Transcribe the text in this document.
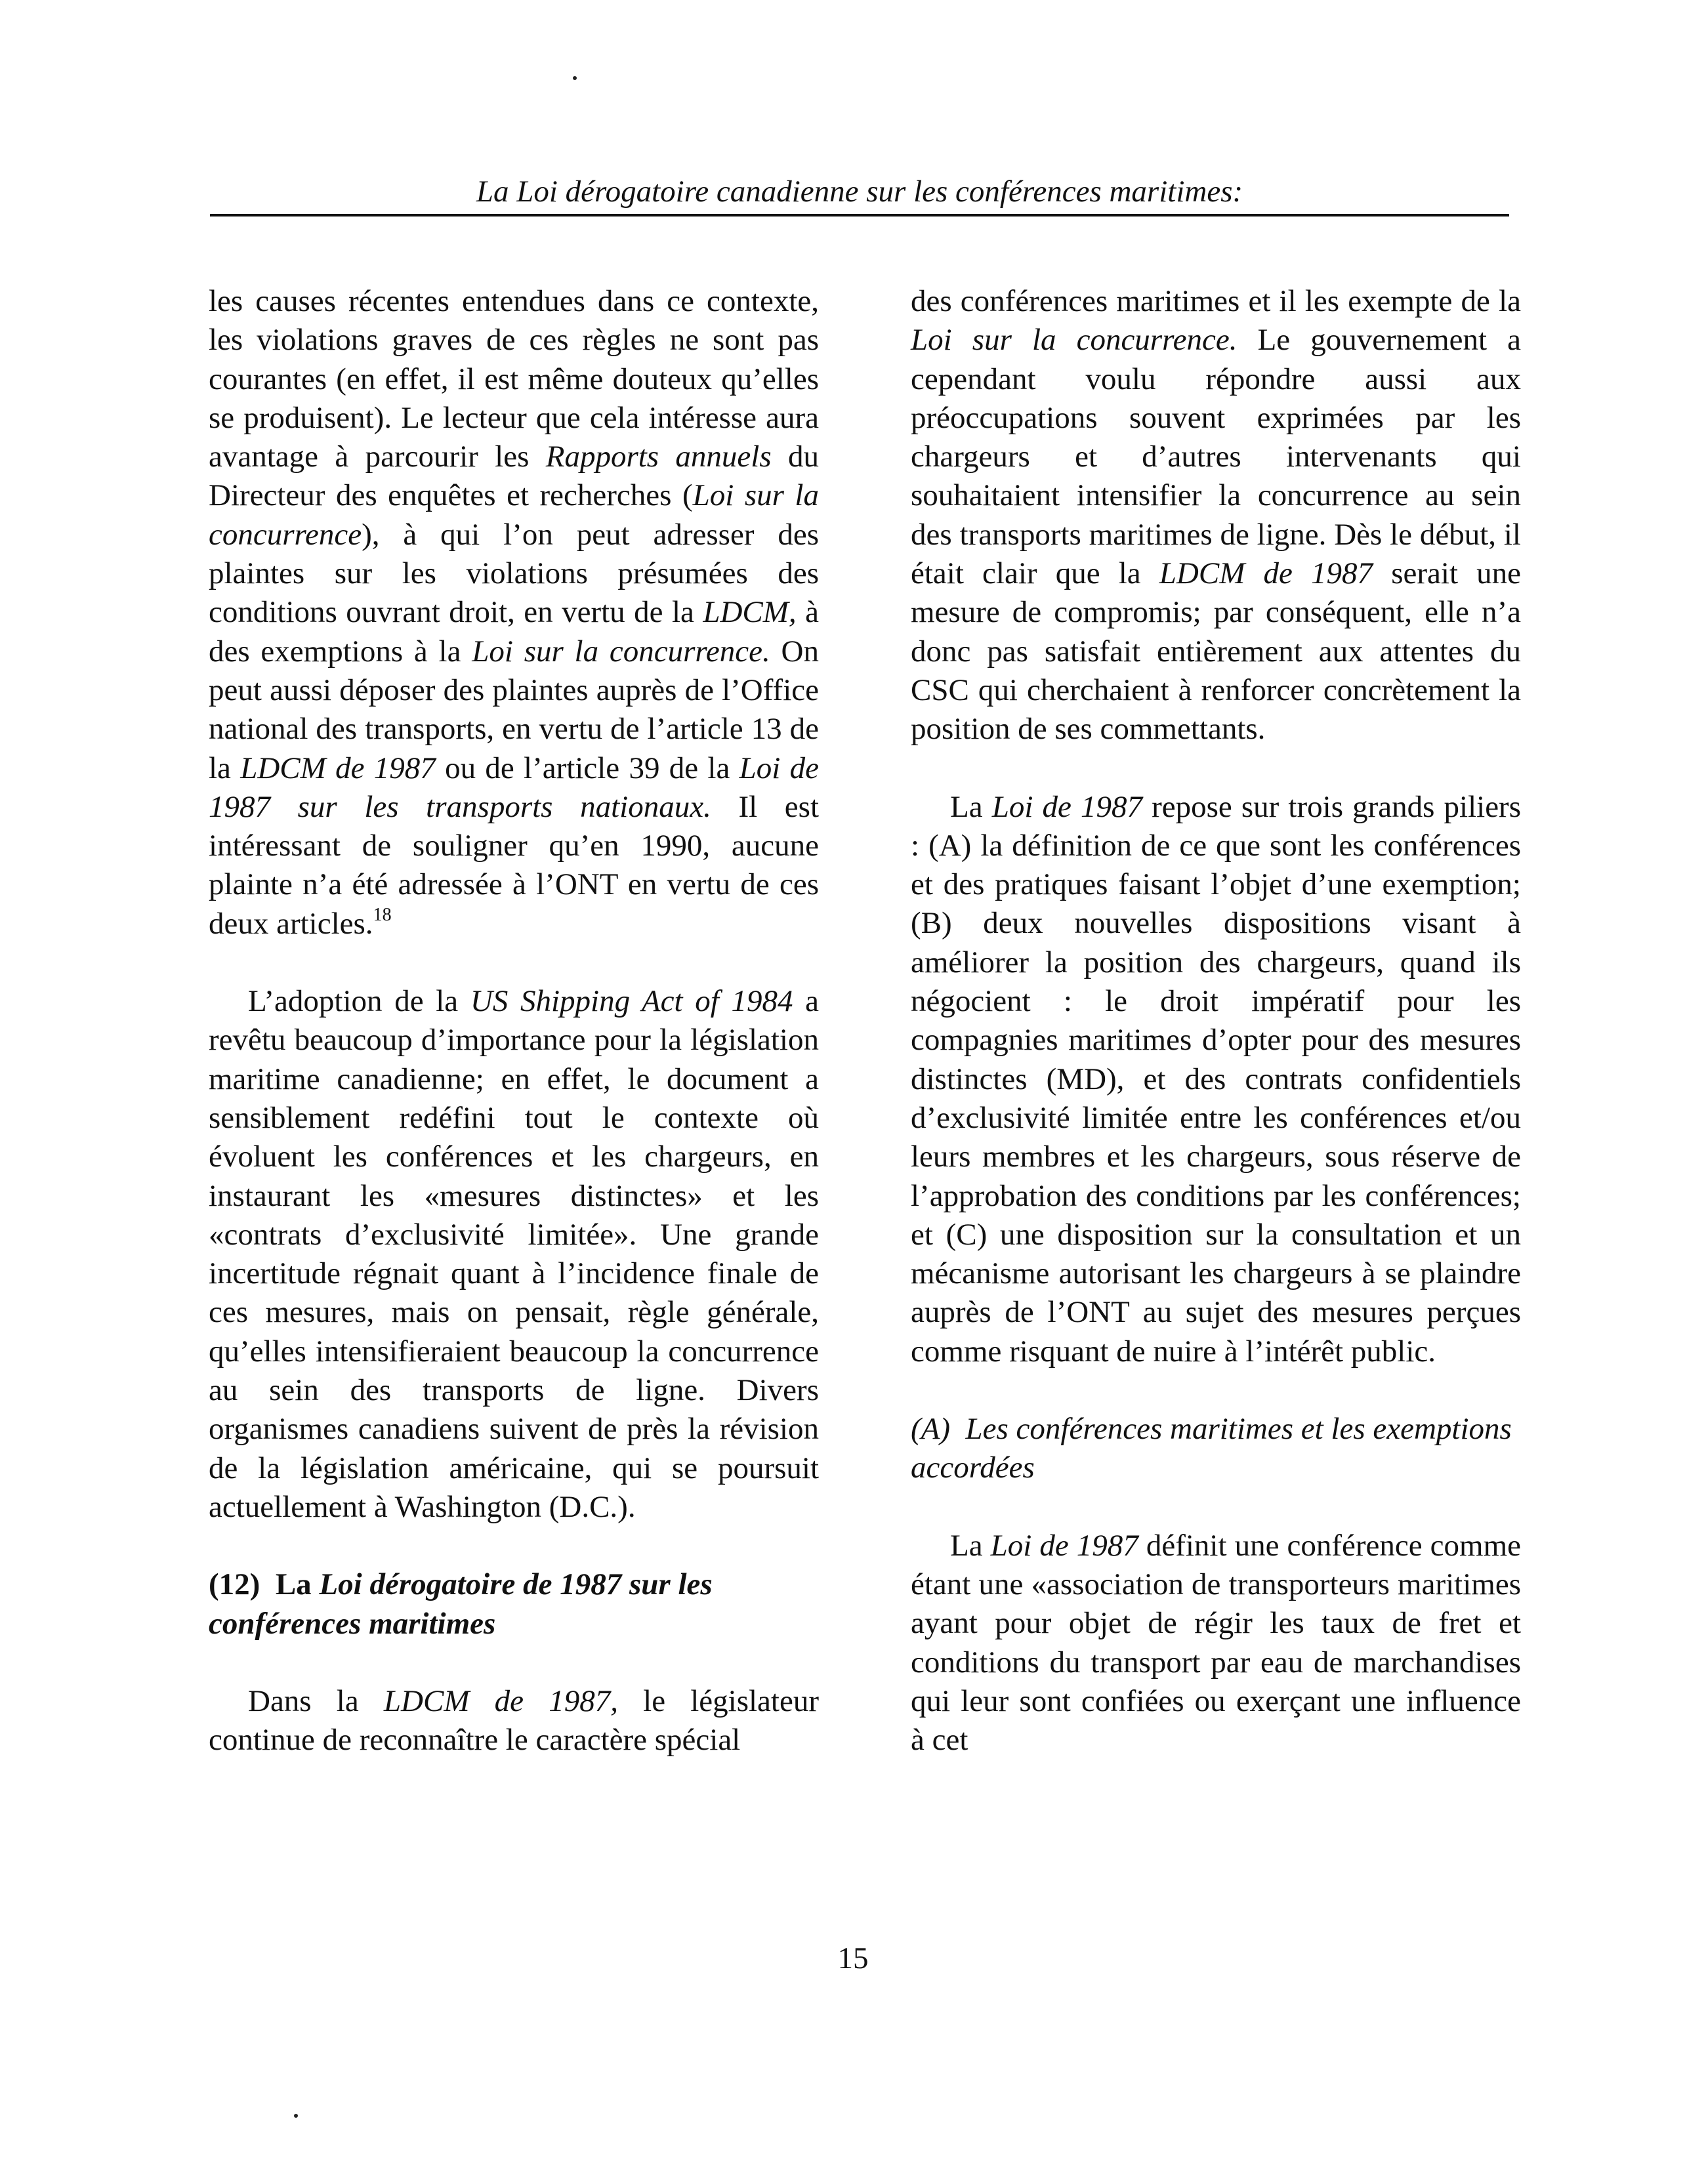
La Loi dérogatoire canadienne sur les conférences maritimes:

les causes récentes entendues dans ce contexte, les violations graves de ces règles ne sont pas courantes (en effet, il est même douteux qu’elles se produisent). Le lecteur que cela intéresse aura avantage à parcourir les Rapports annuels du Directeur des enquêtes et recherches (Loi sur la concurrence), à qui l’on peut adresser des plaintes sur les violations présumées des conditions ouvrant droit, en vertu de la LDCM, à des exemptions à la Loi sur la concurrence. On peut aussi déposer des plaintes auprès de l’Office national des transports, en vertu de l’article 13 de la LDCM de 1987 ou de l’article 39 de la Loi de 1987 sur les transports nationaux. Il est intéressant de souligner qu’en 1990, aucune plainte n’a été adressée à l’ONT en vertu de ces deux articles.$^{18}$

L’adoption de la US Shipping Act of 1984 a revêtu beaucoup d’importance pour la législation maritime canadienne; en effet, le document a sensiblement redéfini tout le contexte où évoluent les conférences et les chargeurs, en instaurant les «mesures distinctes» et les «contrats d’exclusivité limitée». Une grande incertitude régnait quant à l’incidence finale de ces mesures, mais on pensait, règle générale, qu’elles intensifieraient beaucoup la concurrence au sein des transports de ligne. Divers organismes canadiens suivent de près la révision de la législation américaine, qui se poursuit actuellement à Washington (D.C.).

(12) La Loi dérogatoire de 1987 sur les conférences maritimes

Dans la LDCM de 1987, le législateur continue de reconnaître le caractère spécial

des conférences maritimes et il les exempte de la Loi sur la concurrence. Le gouvernement a cependant voulu répondre aussi aux préoccupations souvent exprimées par les chargeurs et d’autres intervenants qui souhaitaient intensifier la concurrence au sein des transports maritimes de ligne. Dès le début, il était clair que la LDCM de 1987 serait une mesure de compromis; par conséquent, elle n’a donc pas satisfait entièrement aux attentes du CSC qui cherchaient à renforcer concrètement la position de ses commettants.

La Loi de 1987 repose sur trois grands piliers : (A) la définition de ce que sont les conférences et des pratiques faisant l’objet d’une exemption; (B) deux nouvelles dispositions visant à améliorer la position des chargeurs, quand ils négocient : le droit impératif pour les compagnies maritimes d’opter pour des mesures distinctes (MD), et des contrats confidentiels d’exclusivité limitée entre les conférences et/ou leurs membres et les chargeurs, sous réserve de l’approbation des conditions par les conférences; et (C) une disposition sur la consultation et un mécanisme autorisant les chargeurs à se plaindre auprès de l’ONT au sujet des mesures perçues comme risquant de nuire à l’intérêt public.

(A) Les conférences maritimes et les exemptions accordées

La Loi de 1987 définit une conférence comme étant une «association de transporteurs maritimes ayant pour objet de régir les taux de fret et conditions du transport par eau de marchandises qui leur sont confiées ou exerçant une influence à cet

15
